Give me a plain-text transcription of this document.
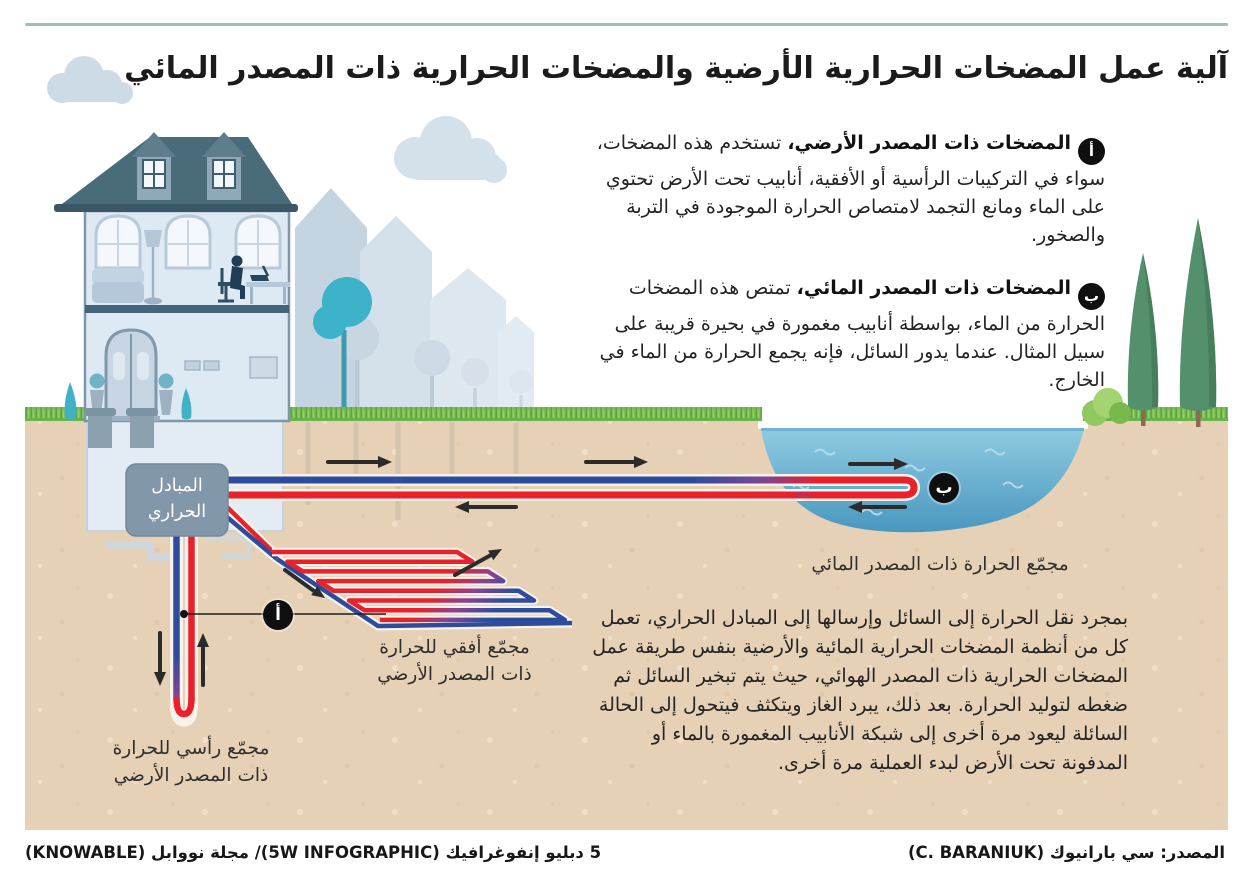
آلية عمل المضخات الحرارية الأرضية والمضخات الحرارية ذات المصدر المائي
أالمضخات ذات المصدر الأرضي، تستخدم هذه المضخات، سواء في التركيبات الرأسية أو الأفقية، أنابيب تحت الأرض تحتوي على الماء ومانع التجمد لامتصاص الحرارة الموجودة في التربة والصخور.
بالمضخات ذات المصدر المائي، تمتص هذه المضخات الحرارة من الماء، بواسطة أنابيب مغمورة في بحيرة قريبة على سبيل المثال. عندما يدور السائل، فإنه يجمع الحرارة من الماء في الخارج.
مجمّع الحرارة ذات المصدر المائي
بمجرد نقل الحرارة إلى السائل وإرسالها إلى المبادل الحراري، تعمل كل من أنظمة المضخات الحرارية المائية والأرضية بنفس طريقة عمل المضخات الحرارية ذات المصدر الهوائي، حيث يتم تبخير السائل ثم ضغطه لتوليد الحرارة. بعد ذلك، يبرد الغاز ويتكثف فيتحول إلى الحالة السائلة ليعود مرة أخرى إلى شبكة الأنابيب المغمورة بالماء أو المدفونة تحت الأرض لبدء العملية مرة أخرى.
مجمّع أفقي للحرارة
ذات المصدر الأرضي
مجمّع رأسي للحرارة
ذات المصدر الأرضي
المبادل
الحراري
أ
ب
المصدر: سي بارانيوك (C. BARANIUK)
5 دبليو إنفوغرافيك (5W INFOGRAPHIC)/ مجلة نووابل (KNOWABLE)
